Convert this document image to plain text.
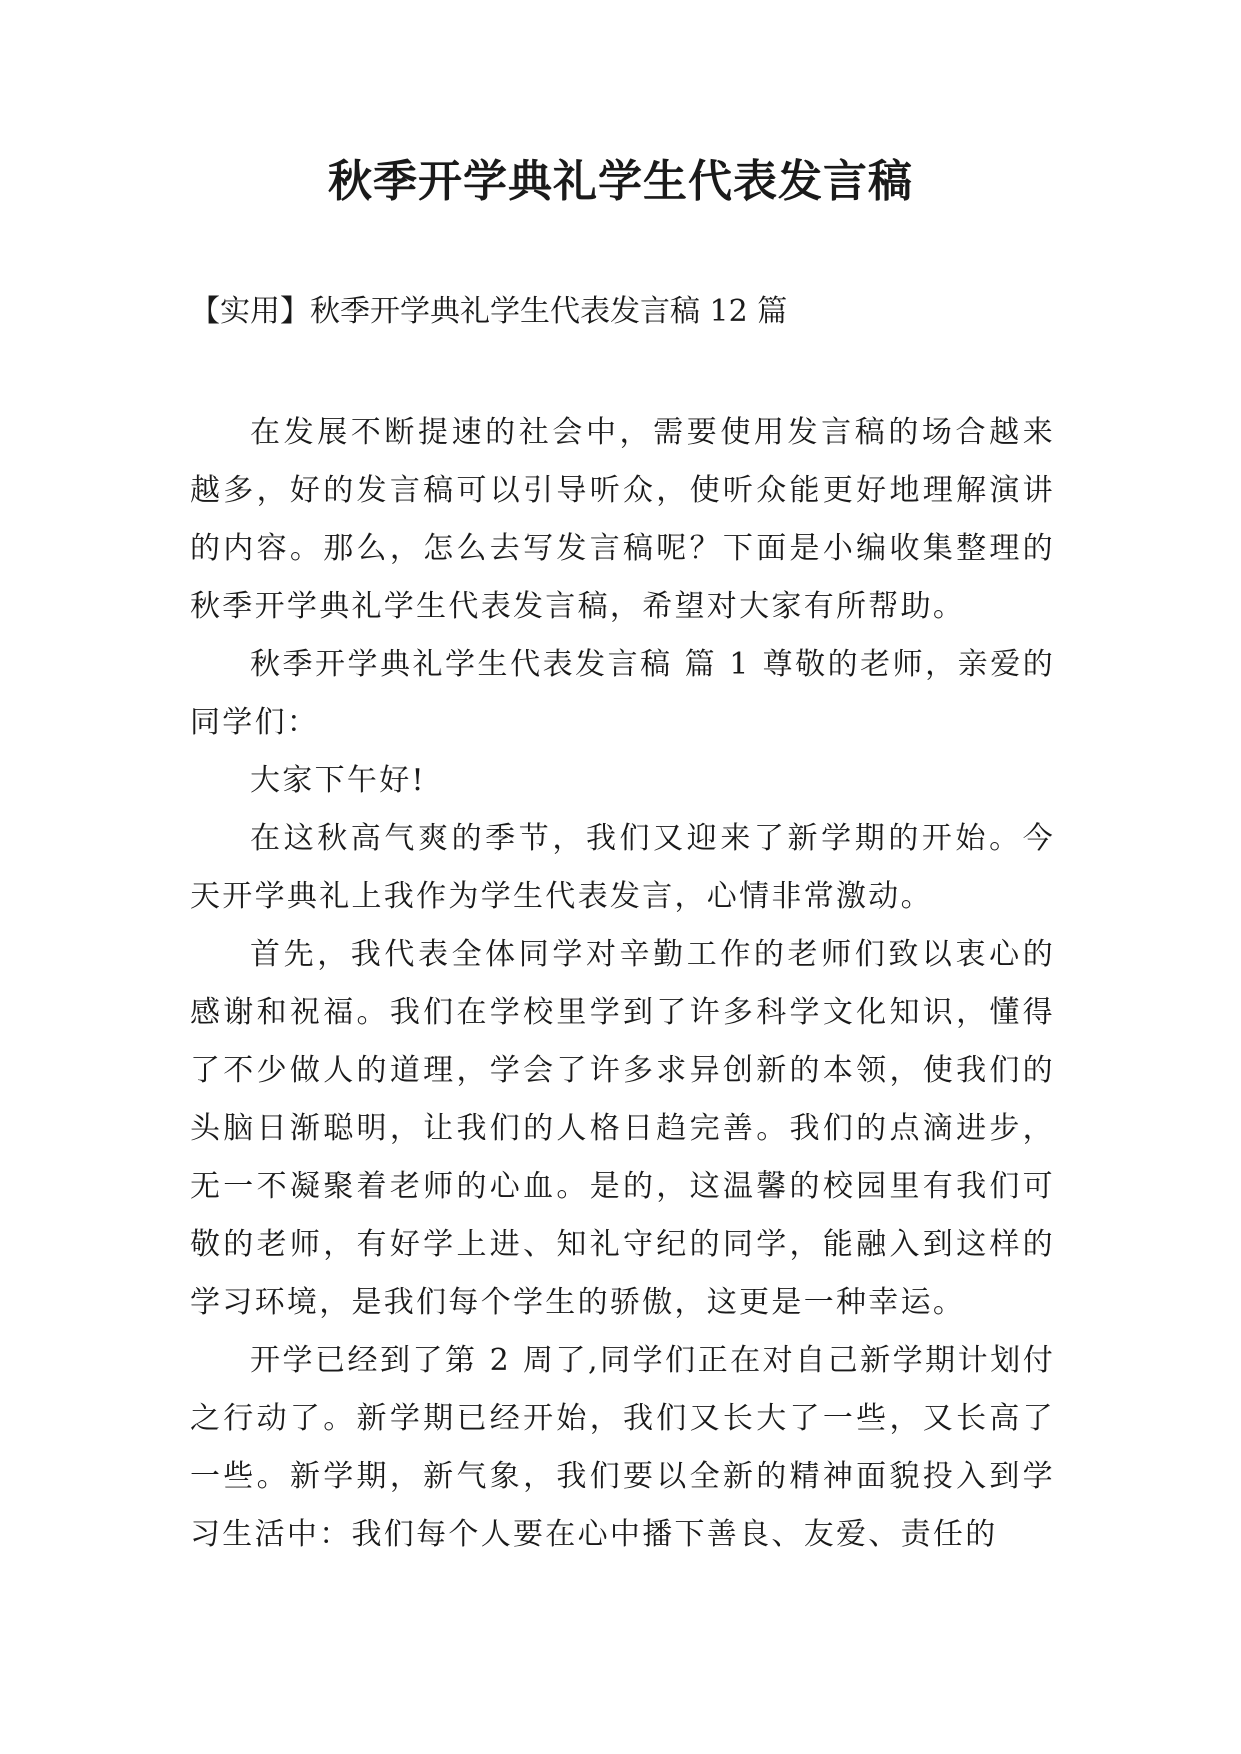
秋季开学典礼学生代表发言稿

【实用】秋季开学典礼学生代表发言稿 12 篇

在发展不断提速的社会中，需要使用发言稿的场合越来越多，好的发言稿可以引导听众，使听众能更好地理解演讲的内容。那么，怎么去写发言稿呢？下面是小编收集整理的秋季开学典礼学生代表发言稿，希望对大家有所帮助。

秋季开学典礼学生代表发言稿 篇 1 尊敬的老师，亲爱的同学们：

大家下午好!

在这秋高气爽的季节，我们又迎来了新学期的开始。今天开学典礼上我作为学生代表发言，心情非常激动。

首先，我代表全体同学对辛勤工作的老师们致以衷心的感谢和祝福。我们在学校里学到了许多科学文化知识，懂得了不少做人的道理，学会了许多求异创新的本领，使我们的头脑日渐聪明，让我们的人格日趋完善。我们的点滴进步，无一不凝聚着老师的心血。是的，这温馨的校园里有我们可敬的老师，有好学上进、知礼守纪的同学，能融入到这样的学习环境，是我们每个学生的骄傲，这更是一种幸运。

开学已经到了第 2 周了,同学们正在对自己新学期计划付之行动了。新学期已经开始，我们又长大了一些，又长高了一些。新学期，新气象，我们要以全新的精神面貌投入到学习生活中：我们每个人要在心中播下善良、友爱、责任的
